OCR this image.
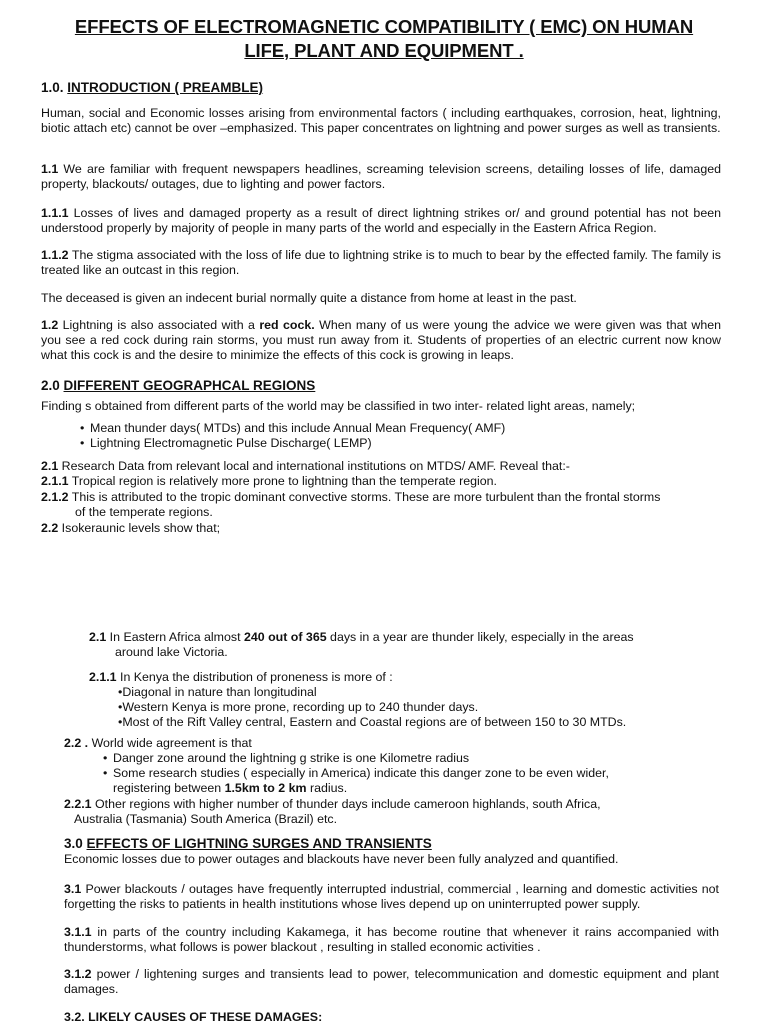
EFFECTS OF ELECTROMAGNETIC COMPATIBILITY ( EMC) ON HUMAN
LIFE, PLANT AND EQUIPMENT .
1.0. INTRODUCTION ( PREAMBLE)
Human, social and Economic losses arising from environmental factors ( including earthquakes, corrosion, heat, lightning, biotic attach etc) cannot be over –emphasized. This paper concentrates on lightning and power surges as well as transients.
1.1 We are familiar with frequent newspapers headlines, screaming television screens, detailing losses of life, damaged property, blackouts/ outages, due to lighting and power factors.
1.1.1 Losses of lives and damaged property as a result of direct lightning strikes or/ and ground potential has not been understood properly by majority of people in many parts of the world and especially in the Eastern Africa Region.
1.1.2 The stigma associated with the loss of life due to lightning strike is to much to bear by the effected family. The family is treated like an outcast in this region.
The deceased is given an indecent burial normally quite a distance from home at least in the past.
1.2 Lightning is also associated with a red cock. When many of us were young the advice we were given was that when you see a red cock during rain storms, you must run away from it. Students of properties of an electric current now know what this cock is and the desire to minimize the effects of this cock is growing in leaps.
2.0 DIFFERENT GEOGRAPHCAL REGIONS
Finding s obtained from different parts of the world may be classified in two inter- related light areas, namely;
• Mean thunder days( MTDs) and this include Annual Mean Frequency( AMF)
• Lightning Electromagnetic Pulse Discharge( LEMP)
2.1 Research Data from relevant local and international institutions on MTDS/ AMF. Reveal that:-
2.1.1 Tropical region is relatively more prone to lightning than the temperate region.
2.1.2 This is attributed to the tropic dominant convective storms. These are more turbulent than the frontal storms
of the temperate regions.
2.2 Isokeraunic levels show that;
2.1 In Eastern Africa almost 240 out of 365 days in a year are thunder likely, especially in the areas
around lake Victoria.
2.1.1 In Kenya the distribution of proneness is more of :
•Diagonal in nature than longitudinal
•Western Kenya is more prone, recording up to 240 thunder days.
•Most of the Rift Valley central, Eastern and Coastal regions are of between 150 to 30 MTDs.
2.2 . World wide agreement is that
• Danger zone around the lightning g strike is one Kilometre radius
• Some research studies ( especially in America) indicate this danger zone to be even wider,
registering between 1.5km to 2 km radius.
2.2.1 Other regions with higher number of thunder days include cameroon highlands, south Africa,
Australia (Tasmania) South America (Brazil) etc.
3.0 EFFECTS OF LIGHTNING SURGES AND TRANSIENTS
Economic losses due to power outages and blackouts have never been fully analyzed and quantified.
3.1 Power blackouts / outages have frequently interrupted industrial, commercial , learning and domestic activities not forgetting the risks to patients in health institutions whose lives depend up on uninterrupted power supply.
3.1.1 in parts of the country including Kakamega, it has become routine that whenever it rains accompanied with thunderstorms, what follows is power blackout , resulting in stalled economic activities .
3.1.2 power / lightening surges and transients lead to power, telecommunication and domestic equipment and plant damages.
3.2. LIKELY CAUSES OF THESE DAMAGES:
